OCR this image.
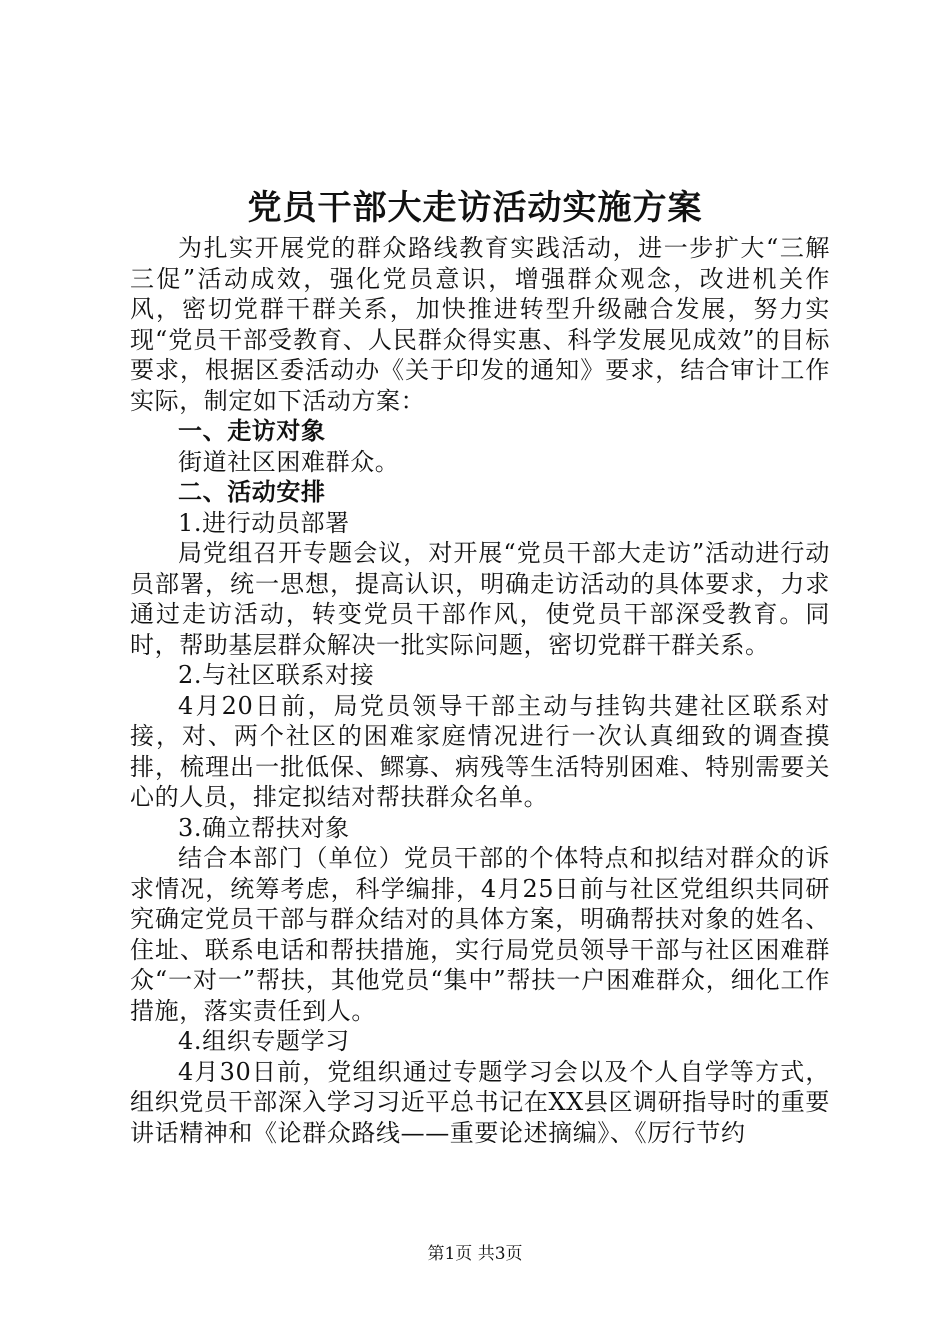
党员干部大走访活动实施方案

为扎实开展党的群众路线教育实践活动，进一步扩大“三解三促”活动成效，强化党员意识，增强群众观念，改进机关作风，密切党群干群关系，加快推进转型升级融合发展，努力实现“党员干部受教育、人民群众得实惠、科学发展见成效”的目标要求，根据区委活动办《关于印发的通知》要求，结合审计工作实际，制定如下活动方案：

一、走访对象

街道社区困难群众。

二、活动安排

1.进行动员部署

局党组召开专题会议，对开展“党员干部大走访”活动进行动员部署，统一思想，提高认识，明确走访活动的具体要求，力求通过走访活动，转变党员干部作风，使党员干部深受教育。同时，帮助基层群众解决一批实际问题，密切党群干群关系。

2.与社区联系对接

4月20日前，局党员领导干部主动与挂钩共建社区联系对接，对、两个社区的困难家庭情况进行一次认真细致的调查摸排，梳理出一批低保、鳏寡、病残等生活特别困难、特别需要关心的人员，排定拟结对帮扶群众名单。

3.确立帮扶对象

结合本部门（单位）党员干部的个体特点和拟结对群众的诉求情况，统筹考虑，科学编排，4月25日前与社区党组织共同研究确定党员干部与群众结对的具体方案，明确帮扶对象的姓名、住址、联系电话和帮扶措施，实行局党员领导干部与社区困难群众“一对一”帮扶，其他党员“集中”帮扶一户困难群众，细化工作措施，落实责任到人。

4.组织专题学习

4月30日前，党组织通过专题学习会以及个人自学等方式，组织党员干部深入学习习近平总书记在XX县区调研指导时的重要讲话精神和《论群众路线——重要论述摘编》、《厉行节约

第1页 共3页
